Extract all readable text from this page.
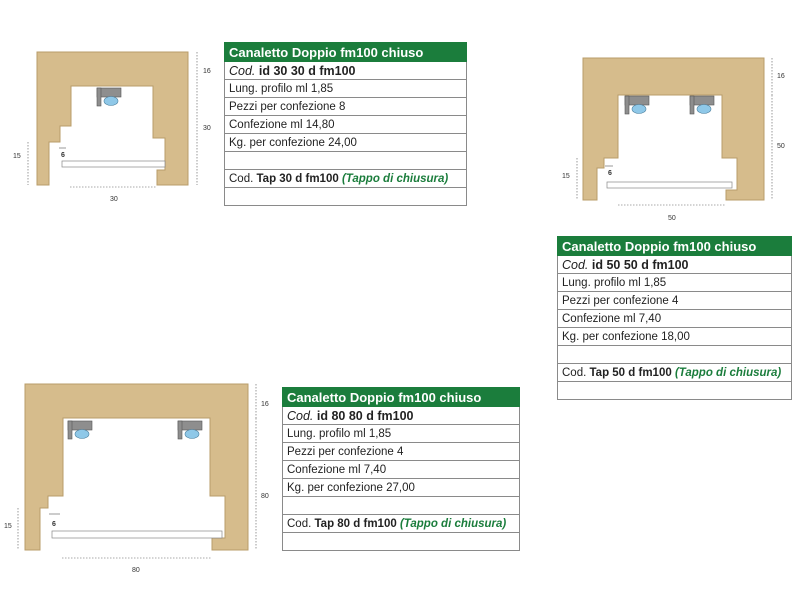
16
30
15	6
30
Canaletto Doppio fm100 chiuso
Cod. id 30 30 d fm100
Lung. profilo ml 1,85
Pezzi per confezione 8
Confezione ml 14,80
Kg. per confezione 24,00

Cod. Tap 30 d fm100 (Tappo di chiusura)

16
50
15	6
50
Canaletto Doppio fm100 chiuso
Cod. id 50 50 d fm100
Lung. profilo ml 1,85
Pezzi per confezione 4
Confezione ml 7,40
Kg. per confezione 18,00

Cod. Tap 50 d fm100 (Tappo di chiusura)

16
80
15	6
80
Canaletto Doppio fm100 chiuso
Cod. id 80 80 d fm100
Lung. profilo ml 1,85
Pezzi per confezione 4
Confezione ml 7,40
Kg. per confezione 27,00

Cod. Tap 80 d fm100 (Tappo di chiusura)
